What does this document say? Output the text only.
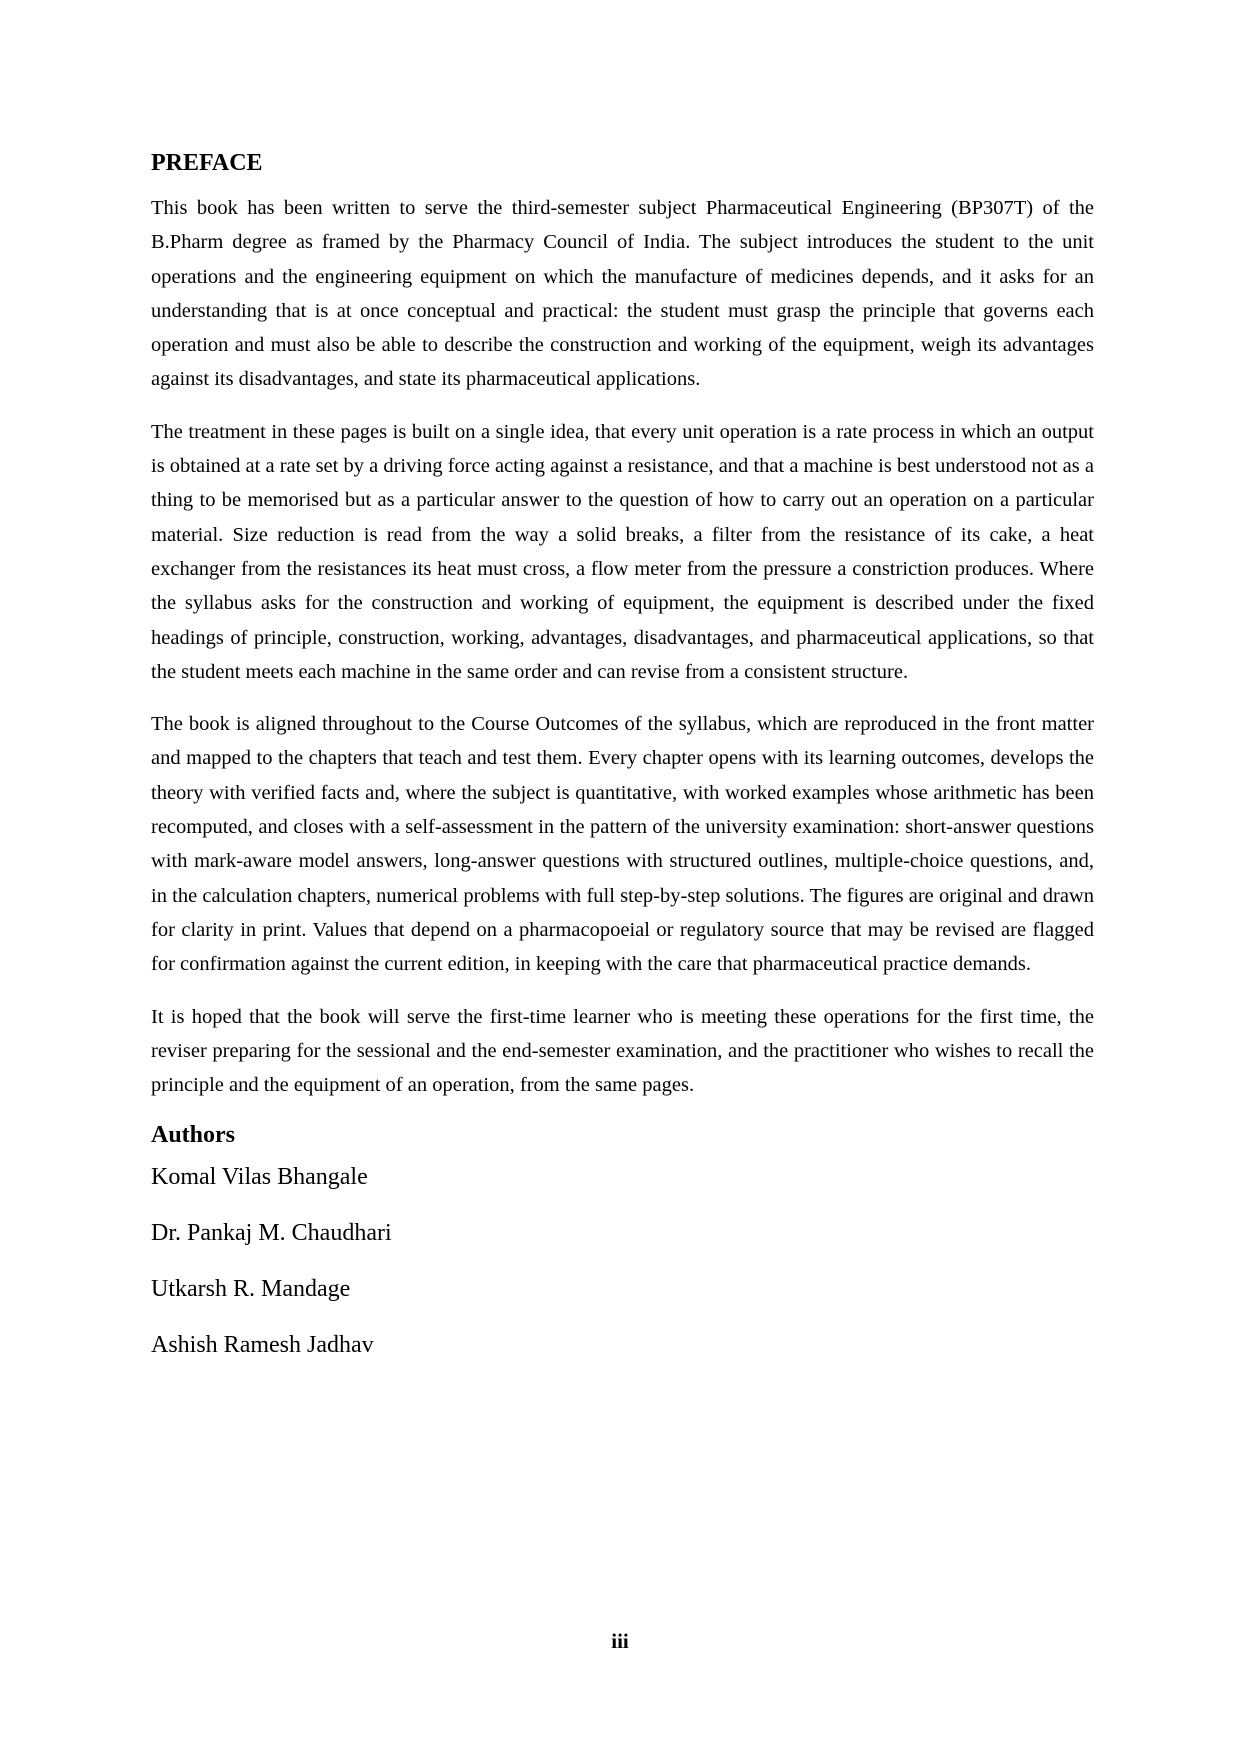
PREFACE

This book has been written to serve the third-semester subject Pharmaceutical Engineering (BP307T) of the B.Pharm degree as framed by the Pharmacy Council of India. The subject introduces the student to the unit operations and the engineering equipment on which the manufacture of medicines depends, and it asks for an understanding that is at once conceptual and practical: the student must grasp the principle that governs each operation and must also be able to describe the construction and working of the equipment, weigh its advantages against its disadvantages, and state its pharmaceutical applications.

The treatment in these pages is built on a single idea, that every unit operation is a rate process in which an output is obtained at a rate set by a driving force acting against a resistance, and that a machine is best understood not as a thing to be memorised but as a particular answer to the question of how to carry out an operation on a particular material. Size reduction is read from the way a solid breaks, a filter from the resistance of its cake, a heat exchanger from the resistances its heat must cross, a flow meter from the pressure a constriction produces. Where the syllabus asks for the construction and working of equipment, the equipment is described under the fixed headings of principle, construction, working, advantages, disadvantages, and pharmaceutical applications, so that the student meets each machine in the same order and can revise from a consistent structure.

The book is aligned throughout to the Course Outcomes of the syllabus, which are reproduced in the front matter and mapped to the chapters that teach and test them. Every chapter opens with its learning outcomes, develops the theory with verified facts and, where the subject is quantitative, with worked examples whose arithmetic has been recomputed, and closes with a self-assessment in the pattern of the university examination: short-answer questions with mark-aware model answers, long-answer questions with structured outlines, multiple-choice questions, and, in the calculation chapters, numerical problems with full step-by-step solutions. The figures are original and drawn for clarity in print. Values that depend on a pharmacopoeial or regulatory source that may be revised are flagged for confirmation against the current edition, in keeping with the care that pharmaceutical practice demands.

It is hoped that the book will serve the first-time learner who is meeting these operations for the first time, the reviser preparing for the sessional and the end-semester examination, and the practitioner who wishes to recall the principle and the equipment of an operation, from the same pages.

Authors
Komal Vilas Bhangale
Dr. Pankaj M. Chaudhari
Utkarsh R. Mandage
Ashish Ramesh Jadhav
iii
